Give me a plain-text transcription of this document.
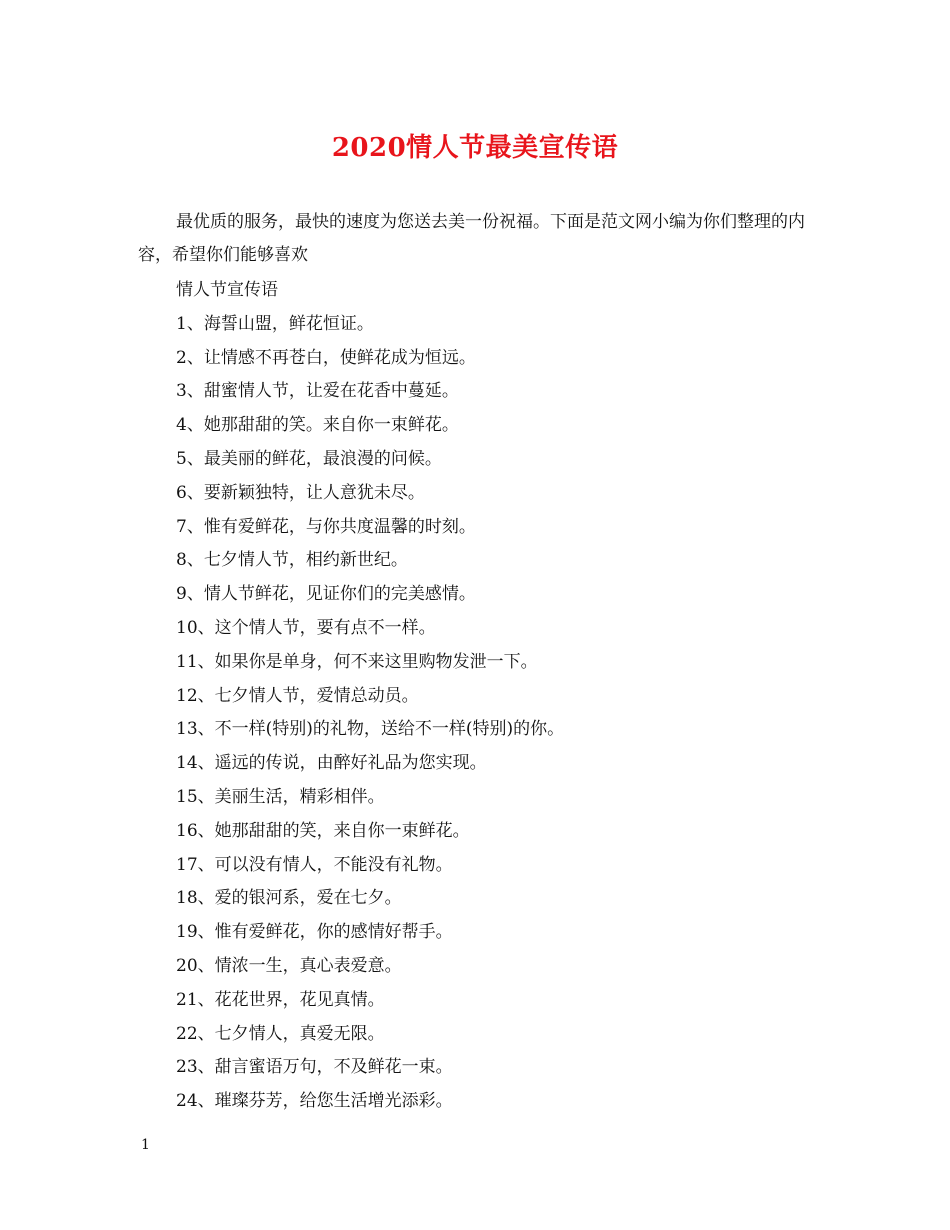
2020情人节最美宣传语
最优质的服务，最快的速度为您送去美一份祝福。下面是范文网小编为你们整理的内容，希望你们能够喜欢
情人节宣传语
1、海誓山盟，鲜花恒证。
2、让情感不再苍白，使鲜花成为恒远。
3、甜蜜情人节，让爱在花香中蔓延。
4、她那甜甜的笑。来自你一束鲜花。
5、最美丽的鲜花，最浪漫的问候。
6、要新颖独特，让人意犹未尽。
7、惟有爱鲜花，与你共度温馨的时刻。
8、七夕情人节，相约新世纪。
9、情人节鲜花，见证你们的完美感情。
10、这个情人节，要有点不一样。
11、如果你是单身，何不来这里购物发泄一下。
12、七夕情人节，爱情总动员。
13、不一样(特别)的礼物，送给不一样(特别)的你。
14、遥远的传说，由醉好礼品为您实现。
15、美丽生活，精彩相伴。
16、她那甜甜的笑，来自你一束鲜花。
17、可以没有情人，不能没有礼物。
18、爱的银河系，爱在七夕。
19、惟有爱鲜花，你的感情好帮手。
20、情浓一生，真心表爱意。
21、花花世界，花见真情。
22、七夕情人，真爱无限。
23、甜言蜜语万句，不及鲜花一束。
24、璀璨芬芳，给您生活增光添彩。
1
